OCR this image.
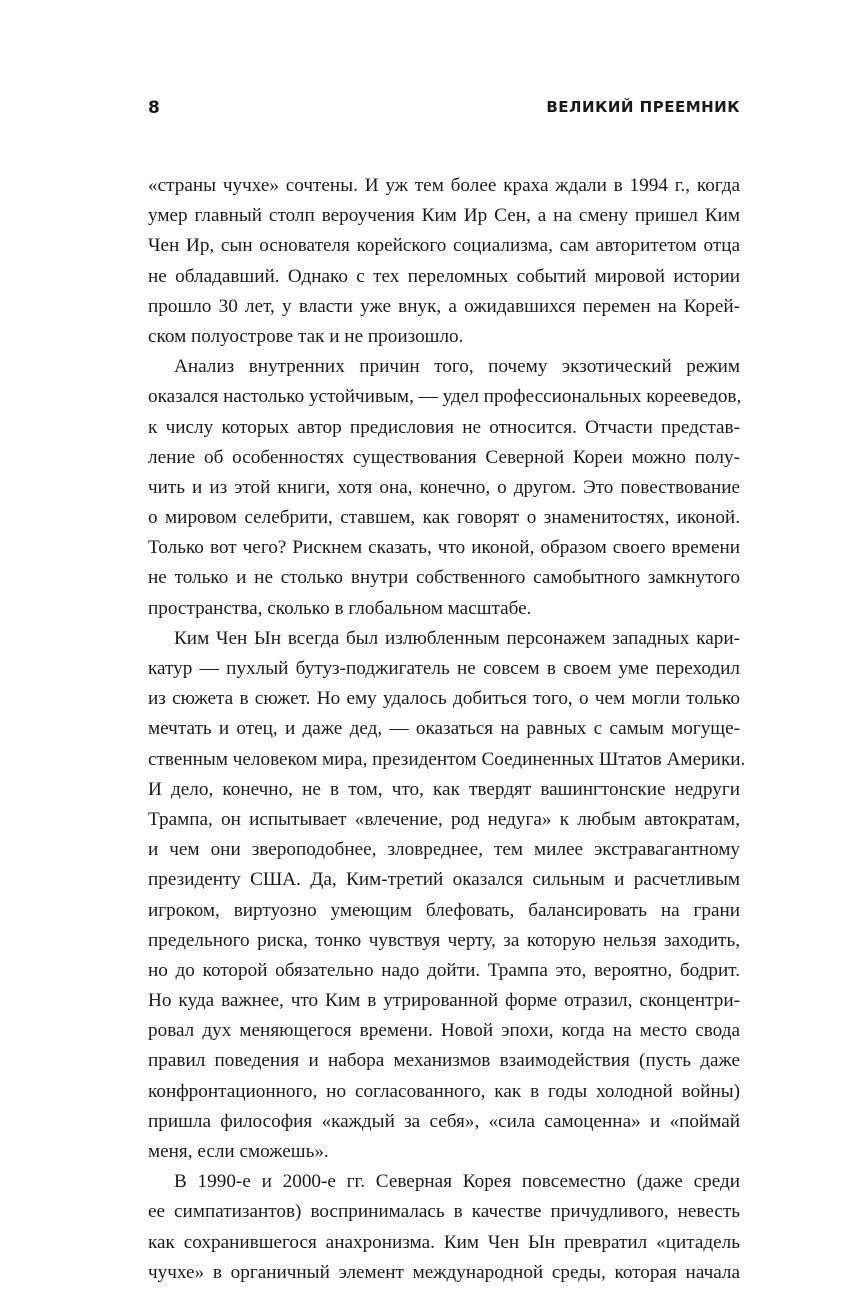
8	ВЕЛИКИЙ ПРЕЕМНИК
«страны чучхе» сочтены. И уж тем более краха ждали в 1994 г., когда
умер главный столп вероучения Ким Ир Сен, а на смену пришел Ким
Чен Ир, сын основателя корейского социализма, сам авторитетом отца
не обладавший. Однако с тех переломных событий мировой истории
прошло 30 лет, у власти уже внук, а ожидавшихся перемен на Корей-
ском полуострове так и не произошло.
Анализ внутренних причин того, почему экзотический режим
оказался настолько устойчивым, — удел профессиональных корееведов,
к числу которых автор предисловия не относится. Отчасти представ-
ление об особенностях существования Северной Кореи можно полу-
чить и из этой книги, хотя она, конечно, о другом. Это повествование
о мировом селебрити, ставшем, как говорят о знаменитостях, иконой.
Только вот чего? Рискнем сказать, что иконой, образом своего времени
не только и не столько внутри собственного самобытного замкнутого
пространства, сколько в глобальном масштабе.
Ким Чен Ын всегда был излюбленным персонажем западных кари-
катур — пухлый бутуз-поджигатель не совсем в своем уме переходил
из сюжета в сюжет. Но ему удалось добиться того, о чем могли только
мечтать и отец, и даже дед, — оказаться на равных с самым могуще-
ственным человеком мира, президентом Соединенных Штатов Америки.
И дело, конечно, не в том, что, как твердят вашингтонские недруги
Трампа, он испытывает «влечение, род недуга» к любым автократам,
и чем они звероподобнее, зловреднее, тем милее экстравагантному
президенту США. Да, Ким-третий оказался сильным и расчетливым
игроком, виртуозно умеющим блефовать, балансировать на грани
предельного риска, тонко чувствуя черту, за которую нельзя заходить,
но до которой обязательно надо дойти. Трампа это, вероятно, бодрит.
Но куда важнее, что Ким в утрированной форме отразил, сконцентри-
ровал дух меняющегося времени. Новой эпохи, когда на место свода
правил поведения и набора механизмов взаимодействия (пусть даже
конфронтационного, но согласованного, как в годы холодной войны)
пришла философия «каждый за себя», «сила самоценна» и «поймай
меня, если сможешь».
В 1990-е и 2000-е гг. Северная Корея повсеместно (даже среди
ее симпатизантов) воспринималась в качестве причудливого, невесть
как сохранившегося анахронизма. Ким Чен Ын превратил «цитадель
чучхе» в органичный элемент международной среды, которая начала
